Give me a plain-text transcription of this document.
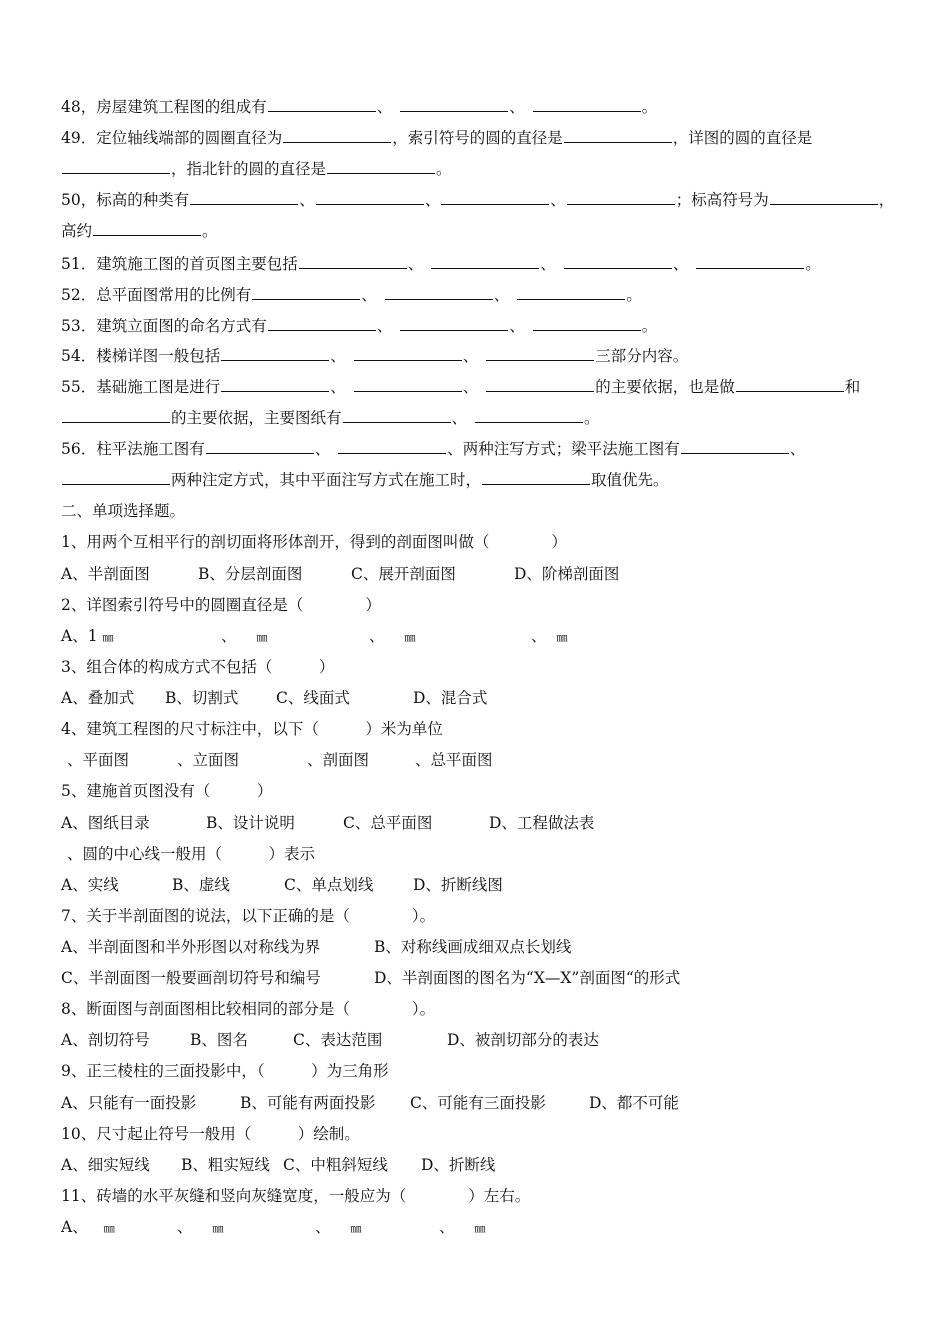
48，房屋建筑工程图的组成有	、	、	。
49．定位轴线端部的圆圈直径为	，索引符号的圆的直径是	，详图的圆的直径是
，指北针的圆的直径是	。
50，标高的种类有	、	、	、	；标高符号为	，
高约	。
51．建筑施工图的首页图主要包括	、	、	、	。
52．总平面图常用的比例有	、	、	。
53．建筑立面图的命名方式有	、	、	。
54．楼梯详图一般包括	、	、	三部分内容。
55．基础施工图是进行	、	、	的主要依据，也是做	和
的主要依据，主要图纸有	、	。
56．柱平法施工图有	、	、两种注写方式；梁平法施工图有	、
两种注定方式，其中平面注写方式在施工时，	取值优先。
二、单项选择题。
1、用两个互相平行的剖切面将形体剖开，得到的剖面图叫做（　　　　）
A、半剖面图	B、分层剖面图	C、展开剖面图	D、阶梯剖面图
2、详图索引符号中的圆圈直径是（　　　　）
A、1 ㎜	、 ㎜	、 ㎜	、 ㎜
3、组合体的构成方式不包括（　　　）
A、叠加式 B、切割式 C、线面式	D、混合式
4、建筑工程图的尺寸标注中，以下（　　　）米为单位
、平面图	、立面图	、剖面图	、总平面图
5、建施首页图没有（　　　）
A、图纸目录	B、设计说明	C、总平面图	D、工程做法表
、圆的中心线一般用（　　　）表示
A、实线	B、虚线	C、单点划线	D、折断线图
7、关于半剖面图的说法，以下正确的是（　　　　）。
A、半剖面图和半外形图以对称线为界	B、对称线画成细双点长划线
C、半剖面图一般要画剖切符号和编号	D、半剖面图的图名为“X—X”剖面图“的形式
8、断面图与剖面图相比较相同的部分是（　　　　）。
A、剖切符号	B、图名	C、表达范围	D、被剖切部分的表达
9、正三棱柱的三面投影中，（　　　）为三角形
A、只能有一面投影	B、可能有两面投影 C、可能有三面投影	D、都不可能
10、尺寸起止符号一般用（　　　）绘制。
A、细实短线 B、粗实短线 C、中粗斜短线 D、折断线
11、砖墙的水平灰缝和竖向灰缝宽度，一般应为（　　　　）左右。
A、 ㎜	、 ㎜	、 ㎜	、 ㎜
